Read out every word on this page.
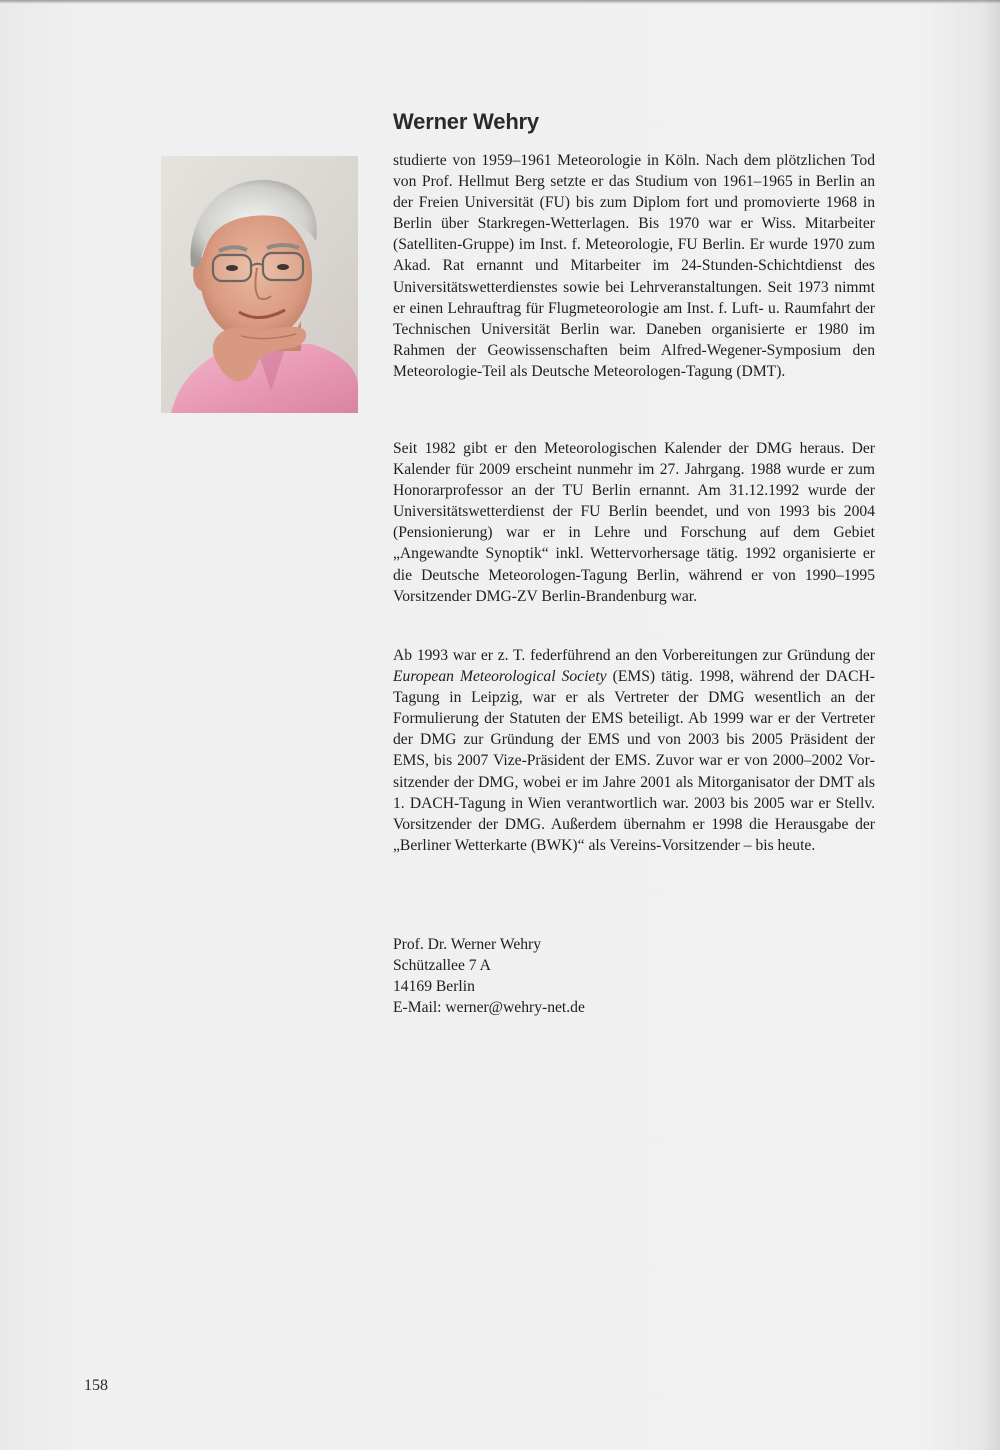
Werner Wehry

studierte von 1959–1961 Meteorologie in Köln. Nach dem plötzlichen Tod von Prof. Hellmut Berg setzte er das Studium von 1961–1965 in Berlin an der Freien Universität (FU) bis zum Diplom fort und promovierte 1968 in Berlin über Starkregen-Wetterlagen. Bis 1970 war er Wiss. Mitarbeiter (Satelliten-Gruppe) im Inst. f. Meteorologie, FU Berlin. Er wurde 1970 zum Akad. Rat ernannt und Mitarbeiter im 24-Stunden-Schichtdienst des Universitätswetterdienstes sowie bei Lehrveranstaltungen. Seit 1973 nimmt er einen Lehrauftrag für Flugmeteorologie am Inst. f. Luft- u. Raumfahrt der Technischen Universität Berlin war. Daneben organisierte er 1980 im Rahmen der Geowissenschaften beim Alfred-Wegener-Symposium den Meteorologie-Teil als Deutsche Meteorologen-Tagung (DMT).

Seit 1982 gibt er den Meteorologischen Kalender der DMG heraus. Der Kalender für 2009 erscheint nunmehr im 27. Jahrgang. 1988 wurde er zum Honorarprofessor an der TU Berlin ernannt. Am 31.12.1992 wurde der Universitätswetterdienst der FU Berlin beendet, und von 1993 bis 2004 (Pensionierung) war er in Lehre und Forschung auf dem Gebiet „Angewandte Synoptik“ inkl. Wettervorhersage tätig. 1992 organisierte er die Deutsche Meteorologen-Tagung Berlin, während er von 1990–1995 Vorsitzender DMG-ZV Berlin-Brandenburg war.

Ab 1993 war er z. T. federführend an den Vorbereitungen zur Gründung der European Meteorological Society (EMS) tätig. 1998, während der DACH-Tagung in Leipzig, war er als Vertreter der DMG wesentlich an der Formulierung der Statuten der EMS beteiligt. Ab 1999 war er der Vertreter der DMG zur Gründung der EMS und von 2003 bis 2005 Präsident der EMS, bis 2007 Vize-Präsident der EMS. Zuvor war er von 2000–2002 Vorsitzender der DMG, wobei er im Jahre 2001 als Mitorganisator der DMT als 1. DACH-Tagung in Wien verantwortlich war. 2003 bis 2005 war er Stellv. Vorsitzender der DMG. Außerdem übernahm er 1998 die Herausgabe der „Berliner Wetterkarte (BWK)“ als Vereins-Vorsitzender – bis heute.

Prof. Dr. Werner Wehry
Schützallee 7 A
14169 Berlin
E-Mail: werner@wehry-net.de
158
